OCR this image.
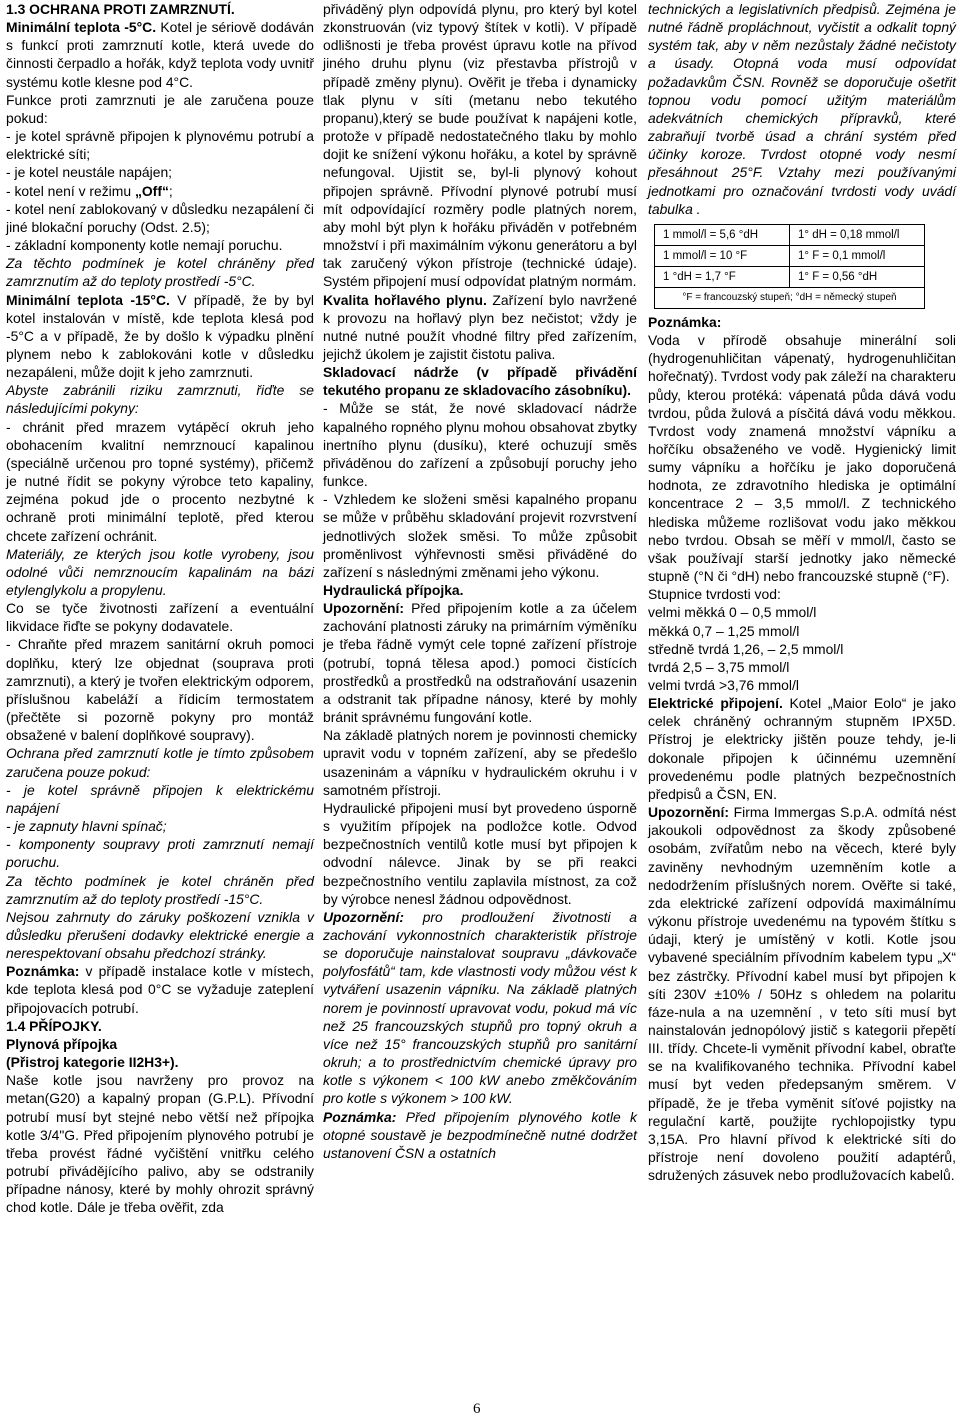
1.3 OCHRANA PROTI ZAMRZNUTÍ.

Minimální teplota -5°C. Kotel je sériově dodáván s funkcí proti zamrznutí kotle, která uvede do činnosti čerpadlo a hořák, když teplota vody uvnitř systému kotle klesne pod 4°C.

Funkce proti zamrznuti je ale zaručena pouze pokud:

- je kotel správně připojen k plynovému potrubí a elektrické síti;

- je kotel neustále napájen;

- kotel není v režimu „Off“;

- kotel není zablokovaný v důsledku nezapálení či jiné blokační poruchy (Odst. 2.5);

- základní komponenty kotle nemají poruchu.

Za těchto podmínek je kotel chráněny před zamrznutím až do teploty prostředí -5°C.

Minimální teplota -15°C. V případě, že by byl kotel instalován v místě, kde teplota klesá pod -5°C a v případě, že by došlo k výpadku plnění plynem nebo k zablokováni kotle v důsledku nezapáleni, může dojit k jeho zamrznuti.

Abyste zabránili riziku zamrznuti, řiďte se následujícími pokyny:

- chránit před mrazem vytápěcí okruh jeho obohacením kvalitní nemrznoucí kapalinou (speciálně určenou pro topné systémy), přičemž je nutné řídit se pokyny výrobce teto kapaliny, zejména pokud jde o procento nezbytné k ochraně proti minimální teplotě, před kterou chcete zařízení ochránit.

Materiály, ze kterých jsou kotle vyrobeny, jsou odolné vůči nemrznoucím kapalinám na bázi etylenglykolu a propylenu.

Co se tyče životnosti zařízení a eventuální likvidace řiďte se pokyny dodavatele.

- Chraňte před mrazem sanitární okruh pomoci doplňku, který lze objednat (souprava proti zamrznuti), a který je tvořen elektrickým odporem, příslušnou kabeláží a řídicím termostatem (přečtěte si pozorně pokyny pro montáž obsažené v balení doplňkové soupravy).

Ochrana před zamrznutí kotle je tímto způsobem zaručena pouze pokud:

- je kotel správně připojen k elektrickému napájení

- je zapnuty hlavni spínač;

- komponenty soupravy proti zamrznutí nemají poruchu.

Za těchto podmínek je kotel chráněn před zamrznutím až do teploty prostředí -15°C.

Nejsou zahrnuty do záruky poškození vznikla v důsledku přerušeni dodavky elektrické energie a nerespektovaní obsahu předchozí stránky.

Poznámka: v případě instalace kotle v místech, kde teplota klesá pod 0°C se vyžaduje zateplení připojovacích potrubí.

1.4 PŘÍPOJKY.

Plynová přípojka

(Přistroj kategorie II2H3+).

Naše kotle jsou navrženy pro provoz na metan(G20) a kapalný propan (G.P.L). Přívodní potrubí musí byt stejné nebo větší než přípojka kotle 3/4"G. Před připojením plynového potrubí je třeba provést řádné vyčištění vnitřku celého potrubí přivádějícího palivo, aby se odstranily případne nánosy, které by mohly ohrozit správný chod kotle. Dále je třeba ověřit, zda

přiváděný plyn odpovídá plynu, pro který byl kotel zkonstruován (viz typový štítek v kotli). V případě odlišnosti je třeba provést úpravu kotle na přívod jiného druhu plynu (viz přestavba přístrojů v případě změny plynu). Ověřit je třeba i dynamicky tlak plynu v síti (metanu nebo tekutého propanu),který se bude používat k napájeni kotle, protože v případě nedostatečného tlaku by mohlo dojit ke snížení výkonu hořáku, a kotel by správně nefungoval. Ujistit se, byl-li plynový kohout připojen správně. Přívodní plynové potrubí musí mít odpovídající rozměry podle platných norem, aby mohl být plyn k hořáku přiváděn v potřebném množství i při maximálním výkonu generátoru a byl tak zaručený výkon přístroje (technické údaje). Systém připojení musí odpovídat platným normám.

Kvalita hořlavého plynu. Zařízení bylo navržené k provozu na hořlavý plyn bez nečistot; vždy je nutné nutné použít vhodné filtry před zařízením, jejichž úkolem je zajistit čistotu paliva.

Skladovací nádrže (v případě přivádění tekutého propanu ze skladovacího zásobníku).

- Může se stát, že nové skladovací nádrže kapalného ropného plynu mohou obsahovat zbytky inertního plynu (dusíku), které ochuzují směs přiváděnou do zařízení a způsobují poruchy jeho funkce.

- Vzhledem ke složeni směsi kapalného propanu se může v průběhu skladování projevit rozvrstvení jednotlivých složek směsi. To může způsobit proměnlivost výhřevnosti směsi přiváděné do zařízení s následnými změnami jeho výkonu.

Hydraulická přípojka.

Upozornění: Před připojením kotle a za účelem zachování platnosti záruky na primárním výměníku je třeba řádně vymýt cele topné zařízení přístroje (potrubí, topná tělesa apod.) pomoci čistících prostředků a prostředků na odstraňování usazenin a odstranit tak případne nánosy, které by mohly bránit správnému fungování kotle.

Na základě platných norem je povinnosti chemicky upravit vodu v topném zařízení, aby se předešlo usazeninám a vápníku v hydraulickém okruhu i v samotném přístroji.

Hydraulické připojeni musí byt provedeno úsporně s využitím přípojek na podložce kotle. Odvod bezpečnostních ventilů kotle musí byt připojen k odvodní nálevce. Jinak by se při reakci bezpečnostního ventilu zaplavila místnost, za což by výrobce nenesl žádnou odpovědnost.

Upozornění: pro prodloužení životnosti a zachování vykonnostních charakteristik přístroje se doporučuje nainstalovat soupravu „dávkovače polyfosfátů“ tam, kde vlastnosti vody můžou vést k vytváření usazenin vápníku. Na základě platných norem je povinností upravovat vodu, pokud má víc než 25 francouzských stupňů pro topný okruh a více než 15° francouzských stupňů pro sanitární okruh; a to prostřednictvím chemické úpravy pro kotle s výkonem < 100 kW anebo změkčováním pro kotle s výkonem > 100 kW.

Poznámka: Před připojením plynového kotle k otopné soustavě je bezpodmínečně nutné dodržet ustanovení ČSN a ostatních

technických a legislativních předpisů. Zejména je nutné řádně propláchnout, vyčistit a odkalit topný systém tak, aby v něm nezůstaly žádné nečistoty a úsady. Otopná voda musí odpovídat požadavkům ČSN. Rovněž se doporučuje ošetřit topnou vodu pomocí užitým materiálům adekvátních chemických přípravků, které zabraňují tvorbě úsad a chrání systém před účinky koroze. Tvrdost otopné vody nesmí přesáhnout 25°F. Vztahy mezi používanými jednotkami pro označování tvrdosti vody uvádí tabulka .

1 mmol/l = 5,6 °dH	1° dH = 0,18 mmol/l
1 mmol/l = 10 °F	1° F = 0,1 mmol/l
1 °dH = 1,7 °F	1° F = 0,56 °dH
°F = francouzský stupeň; °dH = německý stupeň	

Poznámka:

Voda v přírodě obsahuje minerální soli (hydrogenuhličitan vápenatý, hydrogenuhličitan hořečnatý). Tvrdost vody pak záleží na charakteru půdy, kterou protéká: vápenatá půda dává vodu tvrdou, půda žulová a písčitá dává vodu měkkou. Tvrdost vody znamená množství vápníku a hořčíku obsaženého ve vodě. Hygienický limit sumy vápníku a hořčíku je jako doporučená hodnota, ze zdravotního hlediska je optimální koncentrace 2 – 3,5 mmol/l. Z technického hlediska můžeme rozlišovat vodu jako měkkou nebo tvrdou. Obsah se měří v mmol/l, často se však používají starší jednotky jako německé stupně (°N či °dH) nebo francouzské stupně (°F).

Stupnice tvrdosti vod:

velmi měkká 0 – 0,5 mmol/l

měkká 0,7 – 1,25 mmol/l

středně tvrdá 1,26, – 2,5 mmol/l

tvrdá 2,5 – 3,75 mmol/l

velmi tvrdá >3,76 mmol/l

Elektrické připojení. Kotel „Maior Eolo“ je jako celek chráněný ochranným stupněm IPX5D. Přístroj je elektricky jištěn pouze tehdy, je-li dokonale připojen k účinnému uzemnění provedenému podle platných bezpečnostních předpisů a ČSN, EN.

Upozornění: Firma Immergas S.p.A. odmítá nést jakoukoli odpovědnost za škody způsobené osobám, zvířatům nebo na věcech, které byly zaviněny nevhodným uzemněním kotle a nedodržením příslušných norem. Ověřte si také, zda elektrické zařízení odpovídá maximálnímu výkonu přístroje uvedenému na typovém štítku s údaji, který je umístěný v kotli. Kotle jsou vybavené speciálním přívodním kabelem typu „X“ bez zástrčky. Přívodní kabel musí byt připojen k síti 230V ±10% / 50Hz s ohledem na polaritu fáze-nula a na uzemnění , v teto síti musí byt nainstalován jednopólový jistič s kategorii přepětí III. třídy. Chcete-li vyměnit přívodní kabel, obraťte se na kvalifikovaného technika. Přívodní kabel musí byt veden předepsaným směrem. V případě, že je třeba vyměnit síťové pojistky na regulační kartě, použijte rychlopojistky typu 3,15A. Pro hlavní přívod k elektrické síti do přístroje není dovoleno použití adaptérů, sdružených zásuvek nebo prodlužovacích kabelů.

6
